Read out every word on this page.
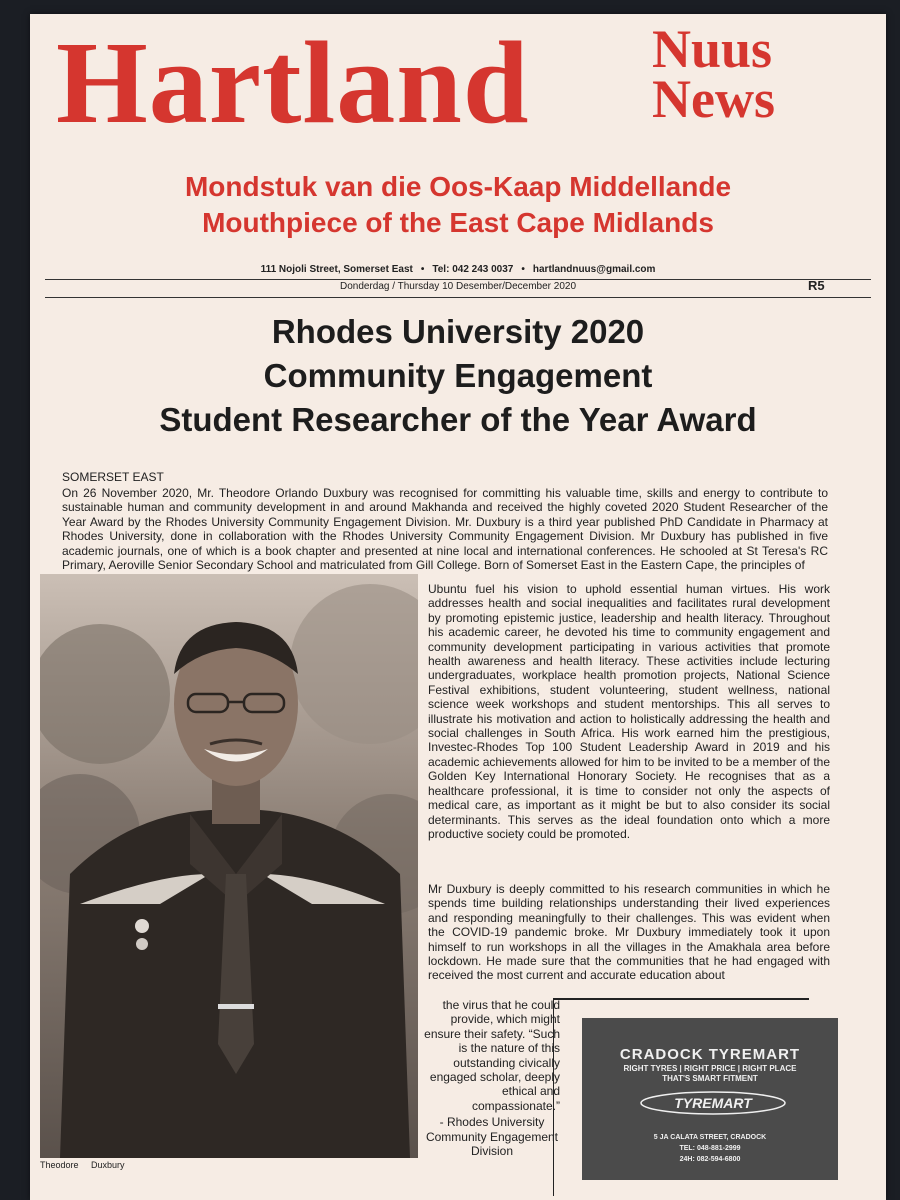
Hartland Nuus
News
Mondstuk van die Oos-Kaap Middellande
Mouthpiece of the East Cape Midlands
111 Nojoli Street, Somerset East • Tel: 042 243 0037 • hartlandnuus@gmail.com
Donderdag / Thursday 10 Desember/December 2020	R5
Rhodes University 2020
Community Engagement
Student Researcher of the Year Award
SOMERSET EAST

On 26 November 2020, Mr. Theodore Orlando Duxbury was recognised for committing his valuable time, skills and energy to contribute to sustainable human and community development in and around Makhanda and received the highly coveted 2020 Student Researcher of the Year Award by the Rhodes University Community Engagement Division. Mr. Duxbury is a third year published PhD Candidate in Pharmacy at Rhodes University, done in collaboration with the Rhodes University Community Engagement Division. Mr Duxbury has published in five academic journals, one of which is a book chapter and presented at nine local and international conferences. He schooled at St Teresa's RC Primary, Aeroville Senior Secondary School and matriculated from Gill College. Born of Somerset East in the Eastern Cape, the principles of

Theodore Duxbury

Ubuntu fuel his vision to uphold essential human virtues. His work addresses health and social inequalities and facilitates rural development by promoting epistemic justice, leadership and health literacy. Throughout his academic career, he devoted his time to community engagement and community development participating in various activities that promote health awareness and health literacy. These activities include lecturing undergraduates, workplace health promotion projects, National Science Festival exhibitions, student volunteering, student wellness, national science week workshops and student mentorships. This all serves to illustrate his motivation and action to holistically addressing the health and social challenges in South Africa. His work earned him the prestigious, Investec-Rhodes Top 100 Student Leadership Award in 2019 and his academic achievements allowed for him to be invited to be a member of the Golden Key International Honorary Society. He recognises that as a healthcare professional, it is time to consider not only the aspects of medical care, as important as it might be but to also consider its social determinants. This serves as the ideal foundation onto which a more productive society could be promoted.

Mr Duxbury is deeply committed to his research communities in which he spends time building relationships understanding their lived experiences and responding meaningfully to their challenges. This was evident when the COVID-19 pandemic broke. Mr Duxbury immediately took it upon himself to run workshops in all the villages in the Amakhala area before lockdown. He made sure that the communities that he had engaged with received the most current and accurate education about

the virus that he could provide, which might ensure their safety. “Such is the nature of this outstanding civically engaged scholar, deeply ethical and compassionate.”

- Rhodes University Community Engagement Division

CRADOCK TYREMART
RIGHT TYRES | RIGHT PRICE | RIGHT PLACE
THAT'S SMART FITMENT
TYREMART
5 JA CALATA STREET, CRADOCK
TEL: 048-881-2999
24H: 082-594-6800
